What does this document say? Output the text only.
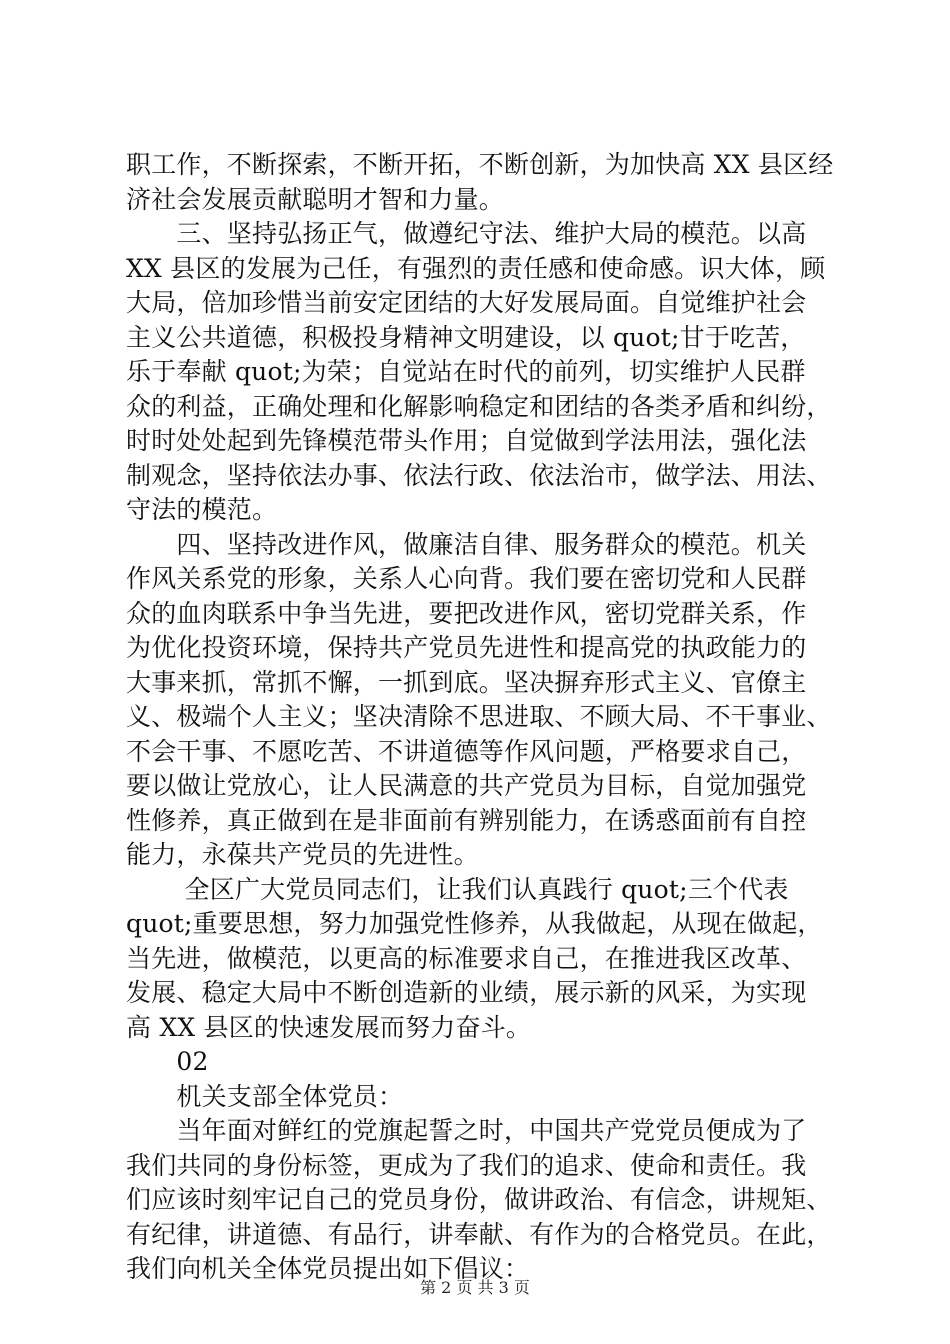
职工作，不断探索，不断开拓，不断创新，为加快高 XX 县区经
济社会发展贡献聪明才智和力量。
　　三、坚持弘扬正气，做遵纪守法、维护大局的模范。以高
XX 县区的发展为己任，有强烈的责任感和使命感。识大体，顾
大局，倍加珍惜当前安定团结的大好发展局面。自觉维护社会
主义公共道德，积极投身精神文明建设，以 quot;甘于吃苦，
乐于奉献 quot;为荣；自觉站在时代的前列，切实维护人民群
众的利益，正确处理和化解影响稳定和团结的各类矛盾和纠纷，
时时处处起到先锋模范带头作用；自觉做到学法用法，强化法
制观念，坚持依法办事、依法行政、依法治市，做学法、用法、
守法的模范。
　　四、坚持改进作风，做廉洁自律、服务群众的模范。机关
作风关系党的形象，关系人心向背。我们要在密切党和人民群
众的血肉联系中争当先进，要把改进作风，密切党群关系，作
为优化投资环境，保持共产党员先进性和提高党的执政能力的
大事来抓，常抓不懈，一抓到底。坚决摒弃形式主义、官僚主
义、极端个人主义；坚决清除不思进取、不顾大局、不干事业、
不会干事、不愿吃苦、不讲道德等作风问题，严格要求自己，
要以做让党放心，让人民满意的共产党员为目标，自觉加强党
性修养，真正做到在是非面前有辨别能力，在诱惑面前有自控
能力，永葆共产党员的先进性。
　　 全区广大党员同志们，让我们认真践行 quot;三个代表
quot;重要思想，努力加强党性修养，从我做起，从现在做起，
当先进，做模范，以更高的标准要求自己，在推进我区改革、
发展、稳定大局中不断创造新的业绩，展示新的风采，为实现
高 XX 县区的快速发展而努力奋斗。
　　02
　　机关支部全体党员：
　　当年面对鲜红的党旗起誓之时，中国共产党党员便成为了
我们共同的身份标签，更成为了我们的追求、使命和责任。我
们应该时刻牢记自己的党员身份，做讲政治、有信念，讲规矩、
有纪律，讲道德、有品行，讲奉献、有作为的合格党员。在此，
我们向机关全体党员提出如下倡议：
第 2 页 共 3 页
